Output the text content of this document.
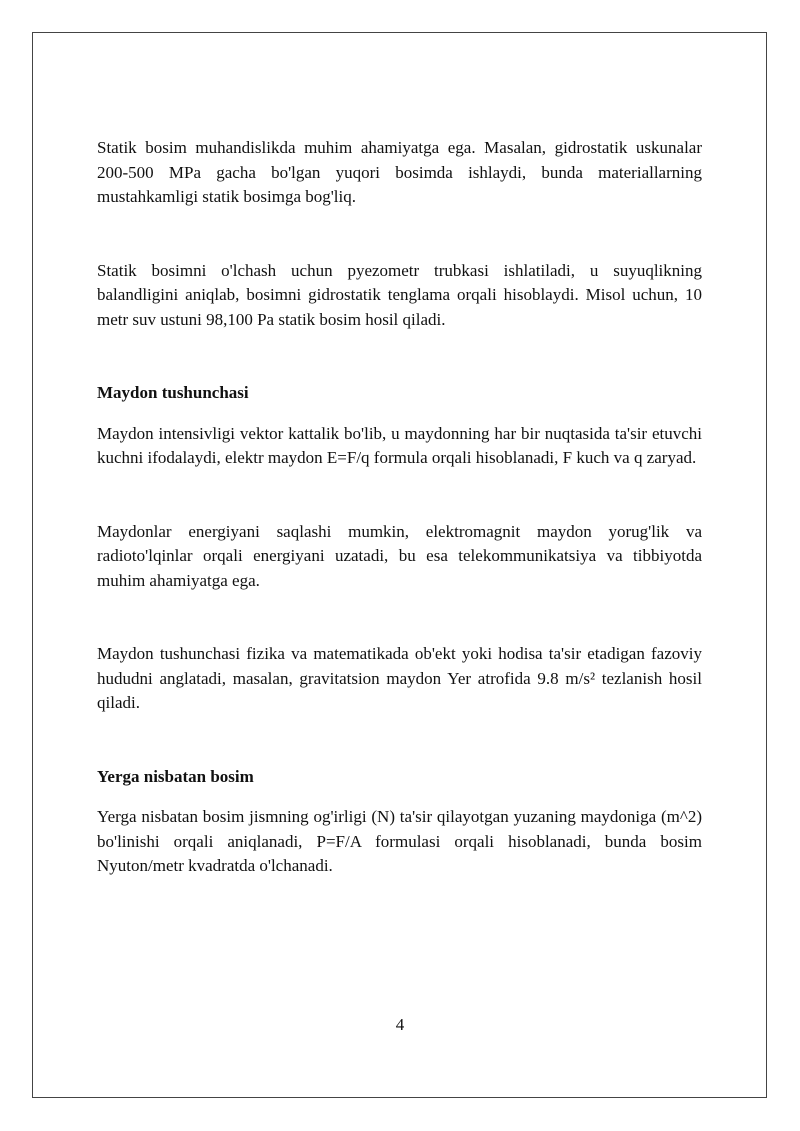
Statik bosim muhandislikda muhim ahamiyatga ega. Masalan, gidrostatik uskunalar 200-500 MPa gacha bo'lgan yuqori bosimda ishlaydi, bunda materiallarning mustahkamligi statik bosimga bog'liq.

Statik bosimni o'lchash uchun pyezometr trubkasi ishlatiladi, u suyuqlikning balandligini aniqlab, bosimni gidrostatik tenglama orqali hisoblaydi. Misol uchun, 10 metr suv ustuni 98,100 Pa statik bosim hosil qiladi.

Maydon tushunchasi

Maydon intensivligi vektor kattalik bo'lib, u maydonning har bir nuqtasida ta'sir etuvchi kuchni ifodalaydi, elektr maydon E=F/q formula orqali hisoblanadi, F kuch va q zaryad.

Maydonlar energiyani saqlashi mumkin, elektromagnit maydon yorug'lik va radioto'lqinlar orqali energiyani uzatadi, bu esa telekommunikatsiya va tibbiyotda muhim ahamiyatga ega.

Maydon tushunchasi fizika va matematikada ob'ekt yoki hodisa ta'sir etadigan fazoviy hududni anglatadi, masalan, gravitatsion maydon Yer atrofida 9.8 m/s² tezlanish hosil qiladi.

Yerga nisbatan bosim

Yerga nisbatan bosim jismning og'irligi (N) ta'sir qilayotgan yuzaning maydoniga (m^2) bo'linishi orqali aniqlanadi, P=F/A formulasi orqali hisoblanadi, bunda bosim Nyuton/metr kvadratda o'lchanadi.

4
